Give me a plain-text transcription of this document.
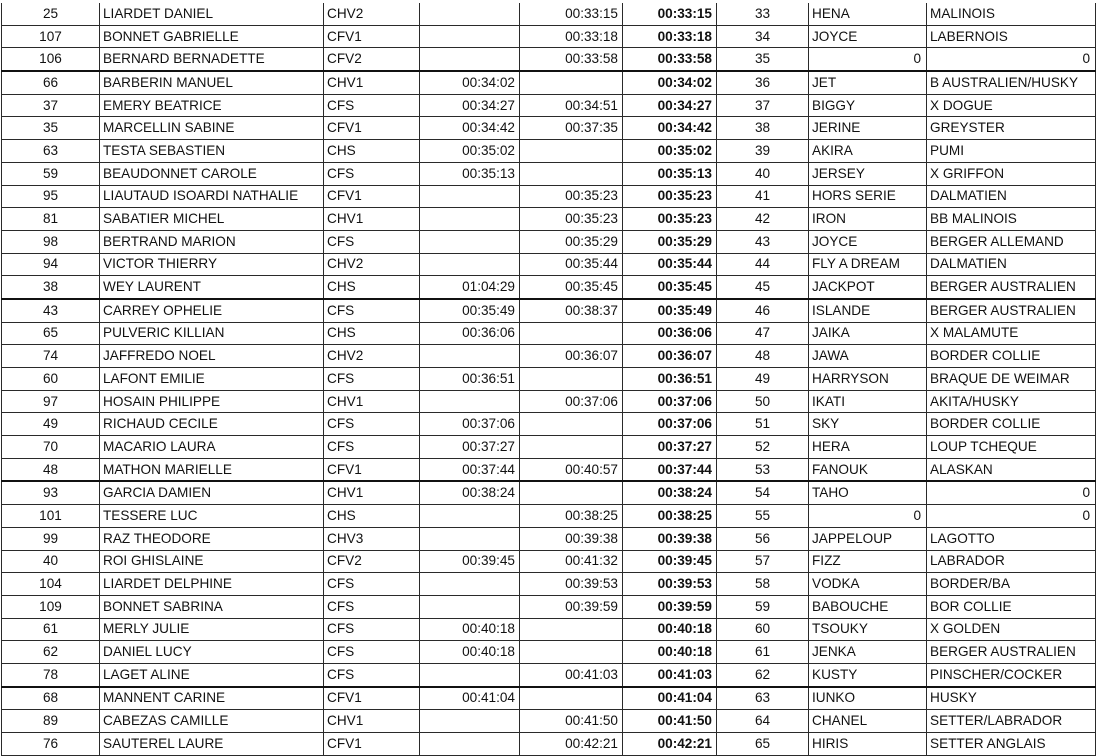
25	LIARDET DANIEL	CHV2		00:33:15	00:33:15	33	HENA	MALINOIS
107	BONNET GABRIELLE	CFV1		00:33:18	00:33:18	34	JOYCE	LABERNOIS
106	BERNARD BERNADETTE	CFV2		00:33:58	00:33:58	35	0	0
66	BARBERIN MANUEL	CHV1	00:34:02		00:34:02	36	JET	B AUSTRALIEN/HUSKY
37	EMERY BEATRICE	CFS	00:34:27	00:34:51	00:34:27	37	BIGGY	X DOGUE
35	MARCELLIN SABINE	CFV1	00:34:42	00:37:35	00:34:42	38	JERINE	GREYSTER
63	TESTA SEBASTIEN	CHS	00:35:02		00:35:02	39	AKIRA	PUMI
59	BEAUDONNET CAROLE	CFS	00:35:13		00:35:13	40	JERSEY	X GRIFFON
95	LIAUTAUD ISOARDI NATHALIE	CFV1		00:35:23	00:35:23	41	HORS SERIE	DALMATIEN
81	SABATIER MICHEL	CHV1		00:35:23	00:35:23	42	IRON	BB MALINOIS
98	BERTRAND MARION	CFS		00:35:29	00:35:29	43	JOYCE	BERGER ALLEMAND
94	VICTOR THIERRY	CHV2		00:35:44	00:35:44	44	FLY A DREAM	DALMATIEN
38	WEY LAURENT	CHS	01:04:29	00:35:45	00:35:45	45	JACKPOT	BERGER AUSTRALIEN
43	CARREY OPHELIE	CFS	00:35:49	00:38:37	00:35:49	46	ISLANDE	BERGER AUSTRALIEN
65	PULVERIC KILLIAN	CHS	00:36:06		00:36:06	47	JAIKA	X MALAMUTE
74	JAFFREDO NOEL	CHV2		00:36:07	00:36:07	48	JAWA	BORDER COLLIE
60	LAFONT EMILIE	CFS	00:36:51		00:36:51	49	HARRYSON	BRAQUE DE WEIMAR
97	HOSAIN PHILIPPE	CHV1		00:37:06	00:37:06	50	IKATI	AKITA/HUSKY
49	RICHAUD CECILE	CFS	00:37:06		00:37:06	51	SKY	BORDER COLLIE
70	MACARIO LAURA	CFS	00:37:27		00:37:27	52	HERA	LOUP TCHEQUE
48	MATHON MARIELLE	CFV1	00:37:44	00:40:57	00:37:44	53	FANOUK	ALASKAN
93	GARCIA DAMIEN	CHV1	00:38:24		00:38:24	54	TAHO	0
101	TESSERE LUC	CHS		00:38:25	00:38:25	55	0	0
99	RAZ THEODORE	CHV3		00:39:38	00:39:38	56	JAPPELOUP	LAGOTTO
40	ROI GHISLAINE	CFV2	00:39:45	00:41:32	00:39:45	57	FIZZ	LABRADOR
104	LIARDET DELPHINE	CFS		00:39:53	00:39:53	58	VODKA	BORDER/BA
109	BONNET SABRINA	CFS		00:39:59	00:39:59	59	BABOUCHE	BOR COLLIE
61	MERLY JULIE	CFS	00:40:18		00:40:18	60	TSOUKY	X GOLDEN
62	DANIEL LUCY	CFS	00:40:18		00:40:18	61	JENKA	BERGER AUSTRALIEN
78	LAGET ALINE	CFS		00:41:03	00:41:03	62	KUSTY	PINSCHER/COCKER
68	MANNENT CARINE	CFV1	00:41:04		00:41:04	63	IUNKO	HUSKY
89	CABEZAS CAMILLE	CHV1		00:41:50	00:41:50	64	CHANEL	SETTER/LABRADOR
76	SAUTEREL LAURE	CFV1		00:42:21	00:42:21	65	HIRIS	SETTER ANGLAIS
